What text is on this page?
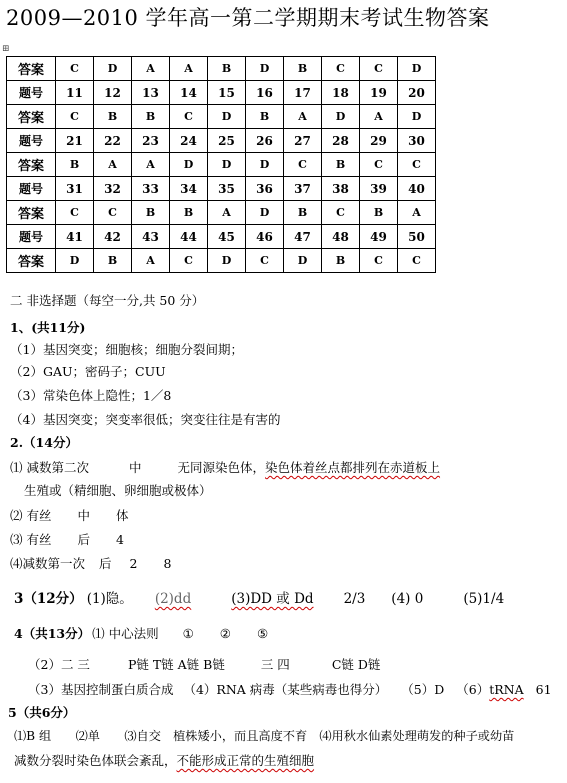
2009—2010 学年高一第二学期期末考试生物答案
⊞
答案	C	D	A	A	B	D	B	C	C	D
题号	11	12	13	14	15	16	17	18	19	20
答案	C	B	B	C	D	B	A	D	A	D
题号	21	22	23	24	25	26	27	28	29	30
答案	B	A	A	D	D	D	C	B	C	C
题号	31	32	33	34	35	36	37	38	39	40
答案	C	C	B	B	A	D	B	C	B	A
题号	41	42	43	44	45	46	47	48	49	50
答案	D	B	A	C	D	C	D	B	C	C
二 非选择题（每空一分,共 50 分）
1、(共11分)
（1）基因突变；细胞核；细胞分裂间期；
（2）GAU；密码子；CUU
（3）常染色体上隐性；1／8
（4）基因突变；突变率很低；突变往往是有害的
2.（14分）
⑴ 减数第二次	中	无同源染色体，染色体着丝点都排列在赤道板上
生殖或（精细胞、卵细胞或极体）
⑵ 有丝 中 体
⑶ 有丝 后 4
⑷减数第一次 后 2 8
3（12分） (1)隐。 (2)dd	(3)DD 或 Dd 2/3 (4) 0	(5)1/4
4（共13分） ⑴ 中心法则 ① ② ⑤
（2）二 三	P链 T链 A链 B链	三 四	C链 D链
（3）基因控制蛋白质合成 （4）RNA 病毒（某些病毒也得分） （5）D （6）tRNA 61
5（共6分）
⑴B 组　　⑵单　　⑶自交　植株矮小，而且高度不育　⑷用秋水仙素处理萌发的种子或幼苗
减数分裂时染色体联会紊乱，不能形成正常的生殖细胞
